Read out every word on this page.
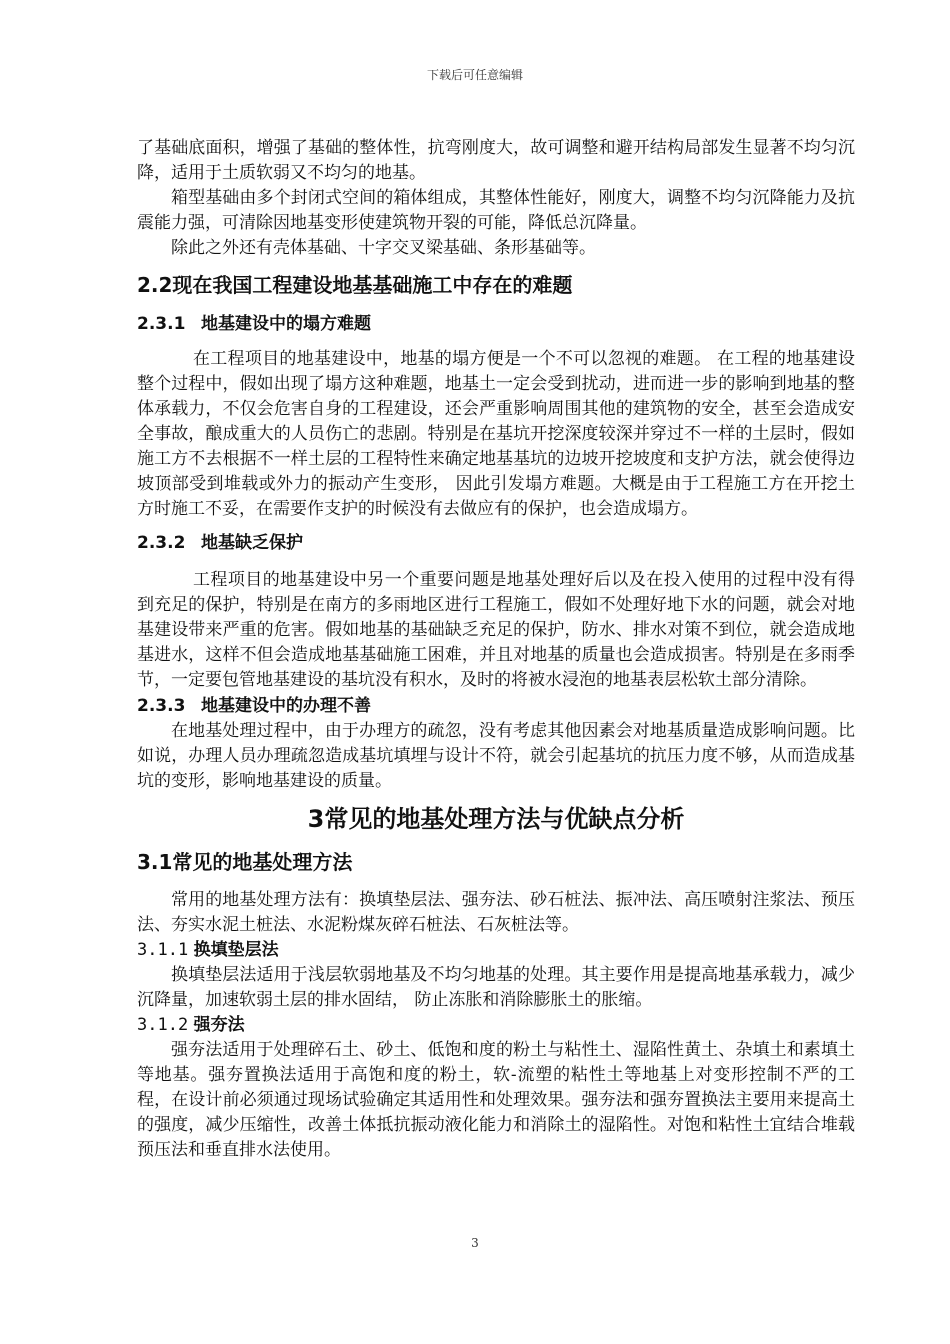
下载后可任意编辑

了基础底面积，增强了基础的整体性，抗弯刚度大，故可调整和避开结构局部发生显著不均匀沉降，适用于土质软弱又不均匀的地基。

箱型基础由多个封闭式空间的箱体组成，其整体性能好，刚度大，调整不均匀沉降能力及抗震能力强，可清除因地基变形使建筑物开裂的可能，降低总沉降量。

除此之外还有壳体基础、十字交叉梁基础、条形基础等。

2.2现在我国工程建设地基基础施工中存在的难题
2.3.1 地基建设中的塌方难题

在工程项目的地基建设中，地基的塌方便是一个不可以忽视的难题。 在工程的地基建设整个过程中，假如出现了塌方这种难题，地基土一定会受到扰动，进而进一步的影响到地基的整体承载力，不仅会危害自身的工程建设，还会严重影响周围其他的建筑物的安全，甚至会造成安全事故，酿成重大的人员伤亡的悲剧。特别是在基坑开挖深度较深并穿过不一样的土层时，假如施工方不去根据不一样土层的工程特性来确定地基基坑的边坡开挖坡度和支护方法，就会使得边坡顶部受到堆载或外力的振动产生变形， 因此引发塌方难题。大概是由于工程施工方在开挖土方时施工不妥，在需要作支护的时候没有去做应有的保护，也会造成塌方。

2.3.2 地基缺乏保护

工程项目的地基建设中另一个重要问题是地基处理好后以及在投入使用的过程中没有得到充足的保护，特别是在南方的多雨地区进行工程施工，假如不处理好地下水的问题，就会对地基建设带来严重的危害。假如地基的基础缺乏充足的保护，防水、排水对策不到位，就会造成地基进水，这样不但会造成地基基础施工困难，并且对地基的质量也会造成损害。特别是在多雨季节，一定要包管地基建设的基坑没有积水，及时的将被水浸泡的地基表层松软土部分清除。

2.3.3 地基建设中的办理不善

在地基处理过程中，由于办理方的疏忽，没有考虑其他因素会对地基质量造成影响问题。比如说，办理人员办理疏忽造成基坑填埋与设计不符，就会引起基坑的抗压力度不够，从而造成基坑的变形，影响地基建设的质量。

3常见的地基处理方法与优缺点分析
3.1常见的地基处理方法

常用的地基处理方法有：换填垫层法、强夯法、砂石桩法、振冲法、高压喷射注浆法、预压法、夯实水泥土桩法、水泥粉煤灰碎石桩法、石灰桩法等。

3.1.1 换填垫层法

换填垫层法适用于浅层软弱地基及不均匀地基的处理。其主要作用是提高地基承载力，减少沉降量，加速软弱土层的排水固结， 防止冻胀和消除膨胀土的胀缩。

3.1.2 强夯法

强夯法适用于处理碎石土、砂土、低饱和度的粉土与粘性土、湿陷性黄土、杂填土和素填土等地基。强夯置换法适用于高饱和度的粉土，软-流塑的粘性土等地基上对变形控制不严的工程，在设计前必须通过现场试验确定其适用性和处理效果。强夯法和强夯置换法主要用来提高土的强度，减少压缩性，改善土体抵抗振动液化能力和消除土的湿陷性。对饱和粘性土宜结合堆载预压法和垂直排水法使用。

3
